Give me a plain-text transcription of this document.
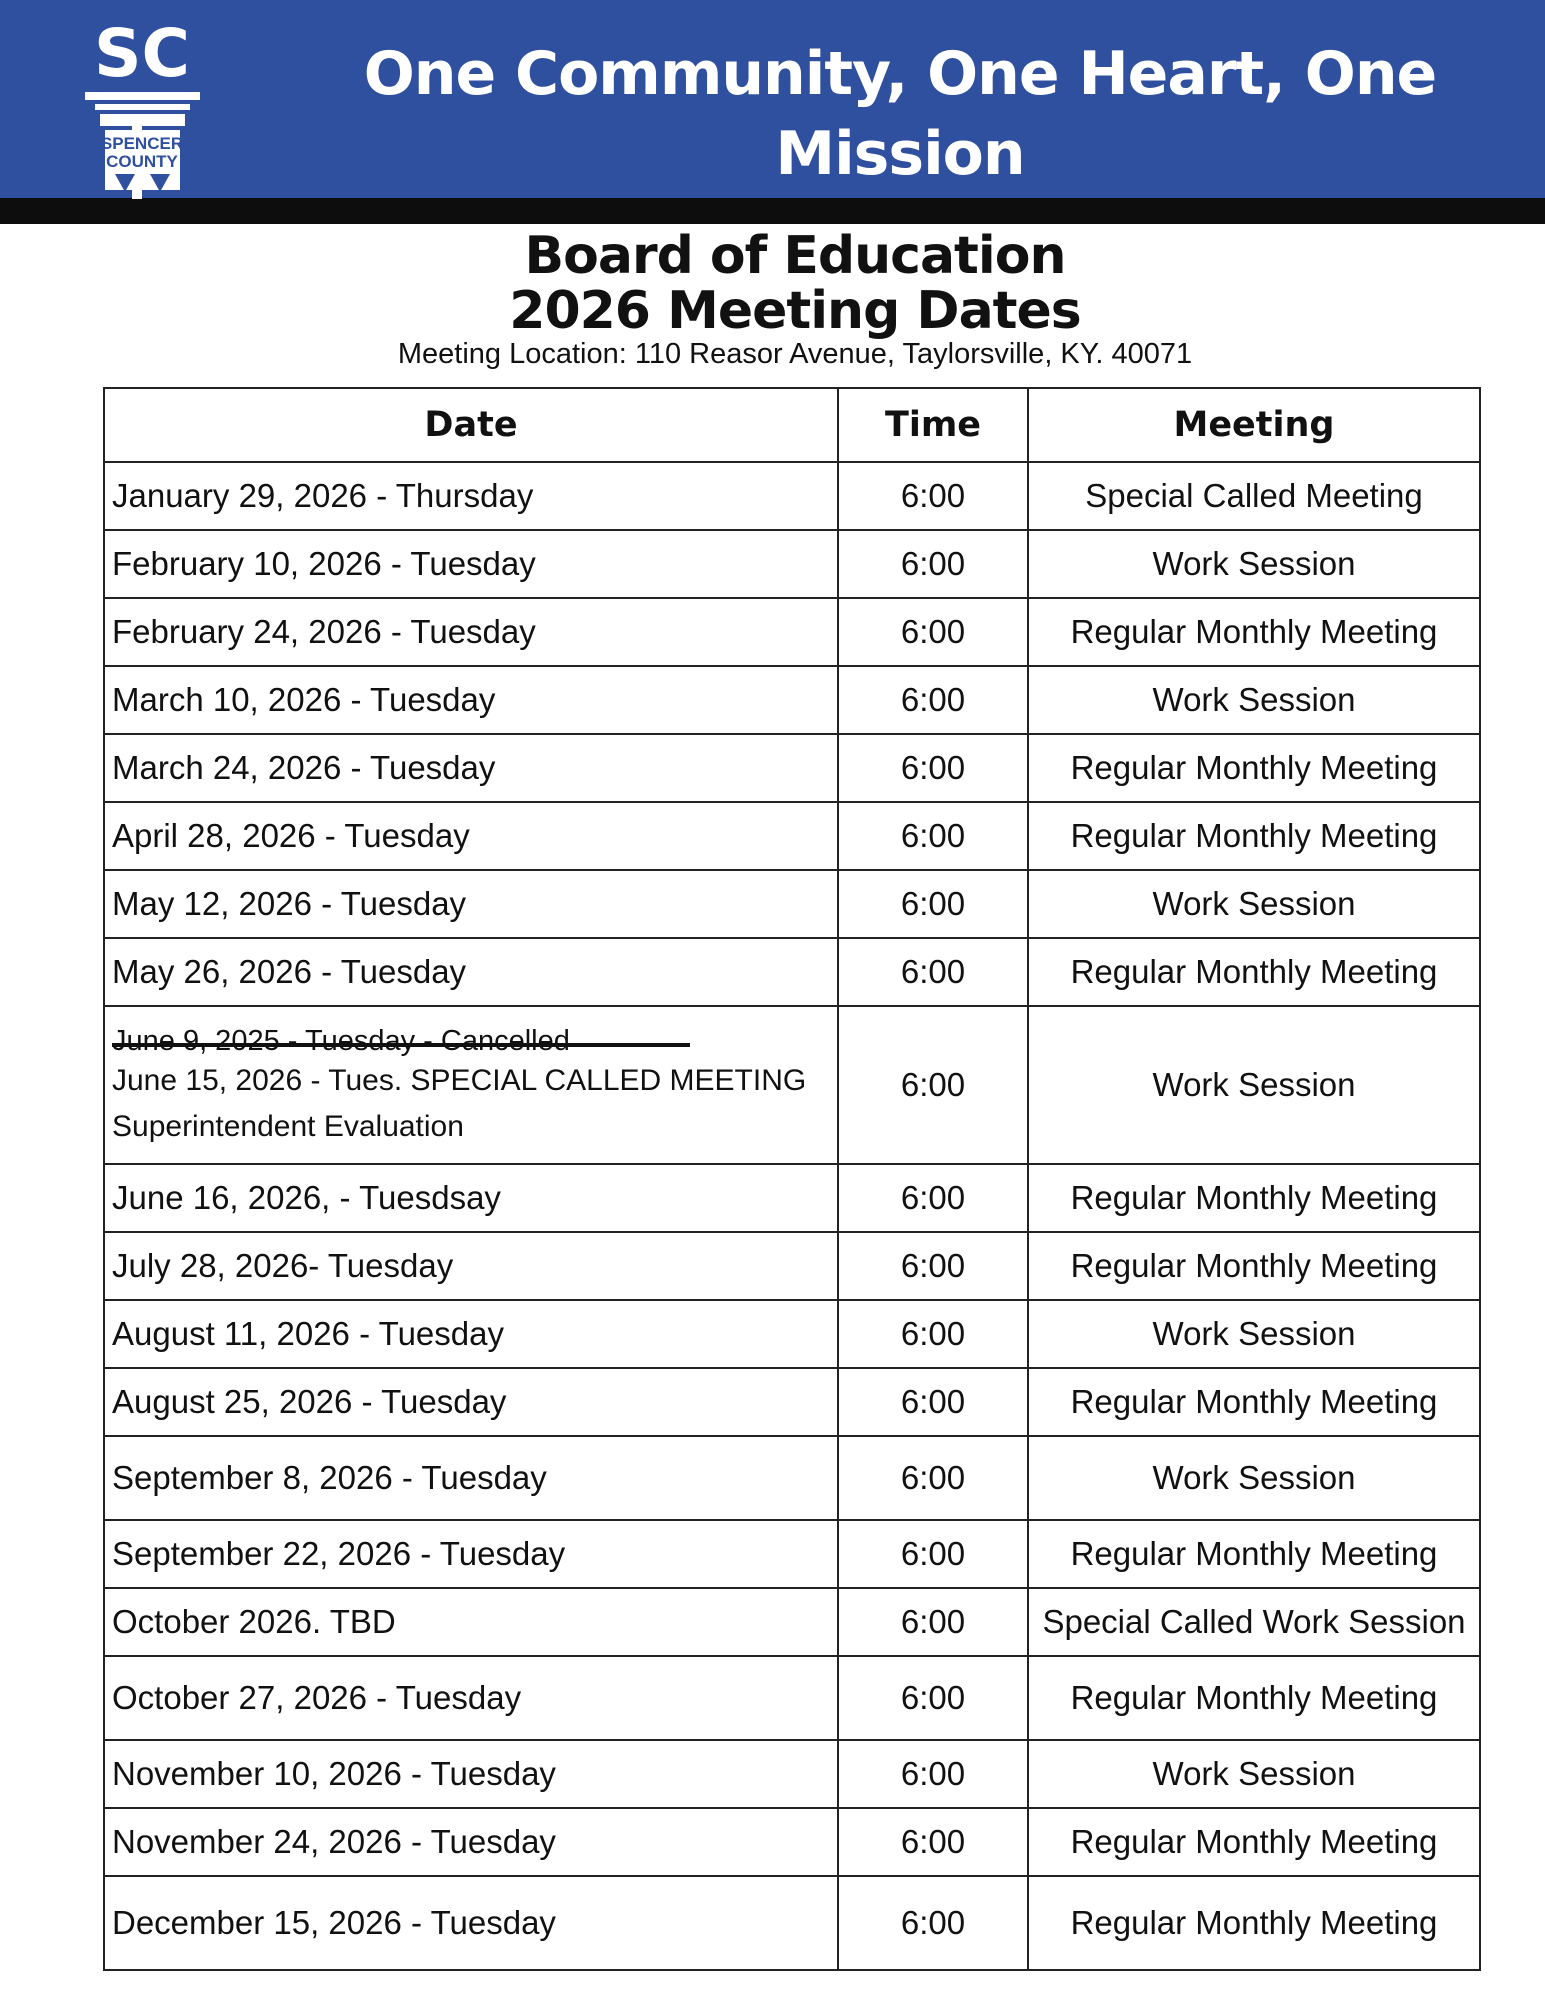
SC
SPENCER
COUNTY
One Community, One Heart, One Mission
Board of Education
2026 Meeting Dates
Meeting Location: 110 Reasor Avenue, Taylorsville, KY. 40071
Date	Time	Meeting
January 29, 2026 - Thursday	6:00	Special Called Meeting
February 10, 2026 - Tuesday	6:00	Work Session
February 24, 2026 - Tuesday	6:00	Regular Monthly Meeting
March 10, 2026 - Tuesday	6:00	Work Session
March 24, 2026 - Tuesday	6:00	Regular Monthly Meeting
April 28, 2026 - Tuesday	6:00	Regular Monthly Meeting
May 12, 2026 - Tuesday	6:00	Work Session
May 26, 2026 - Tuesday	6:00	Regular Monthly Meeting
June 9, 2025 - Tuesday - Cancelled
June 15, 2026 - Tues. SPECIAL CALLED MEETING
Superintendent Evaluation	6:00	Work Session
June 16, 2026, - Tuesdsay	6:00	Regular Monthly Meeting
July 28, 2026- Tuesday	6:00	Regular Monthly Meeting
August 11, 2026 - Tuesday	6:00	Work Session
August 25, 2026 - Tuesday	6:00	Regular Monthly Meeting
September 8, 2026 - Tuesday	6:00	Work Session
September 22, 2026 - Tuesday	6:00	Regular Monthly Meeting
October 2026. TBD	6:00	Special Called Work Session
October 27, 2026 - Tuesday	6:00	Regular Monthly Meeting
November 10, 2026 - Tuesday	6:00	Work Session
November 24, 2026 - Tuesday	6:00	Regular Monthly Meeting
December 15, 2026 - Tuesday	6:00	Regular Monthly Meeting
